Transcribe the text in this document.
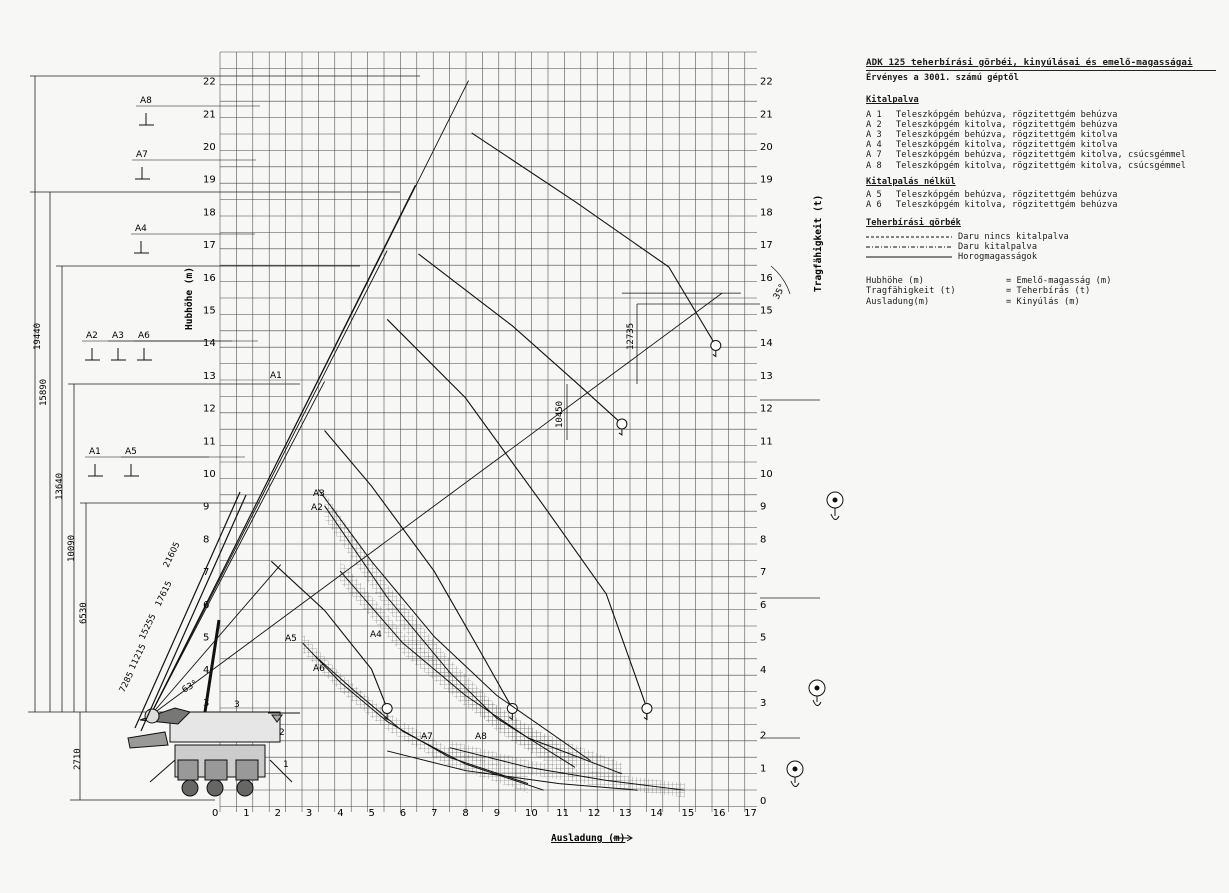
0 1 2 3 4 5 6 7 8 9 10 11 12 13 14 15 16 17
3
4
5
6
7
8
9
10
11
12
13
14
15
16
17
18
19
20
21
22
0
1
2
3
4
5
6
7
8
9
10
11
12
13
14
15
16
17
18
19
20
21
22
Ausladung (m)
Hubhöhe (m)
Tragfähigkeit (t)
19440
15890
13640
10090
6530
2710
10450
12735
7285
11215
15255
17615
21605
63°
35°
A8
A7
A4
A2 A3 A6
A1	A5
A3
A2
A4
A5
A6
A7	A8
A1
1
2
3
ADK 125 teherbírási görbéi, kinyúlásai és emelő-magasságai
Érvényes a 3001. számú géptől
Kitalpalva
A 1	Teleszkópgém behúzva, rögzitettgém behúzva
A 2	Teleszkópgém kitolva, rögzitettgém behúzva
A 3	Teleszkópgém behúzva, rögzitettgém kitolva
A 4	Teleszkópgém kitolva, rögzitettgém kitolva
A 7	Teleszkópgém behúzva, rögzitettgém kitolva, csúcsgémmel
A 8	Teleszkópgém kitolva, rögzitettgém kitolva, csúcsgémmel
Kitalpalás nélkül
A 5	Teleszkópgém behúzva, rögzitettgém behúzva
A 6	Teleszkópgém kitolva, rögzitettgém behúzva
Teherbírási görbék
Daru nincs kitalpalva
Daru kitalpalva
Horogmagasságok
Hubhöhe (m)	= Emelő-magasság (m)
Tragfähigkeit (t)	= Teherbírás (t)
Ausladung(m)	= Kinyúlás (m)
